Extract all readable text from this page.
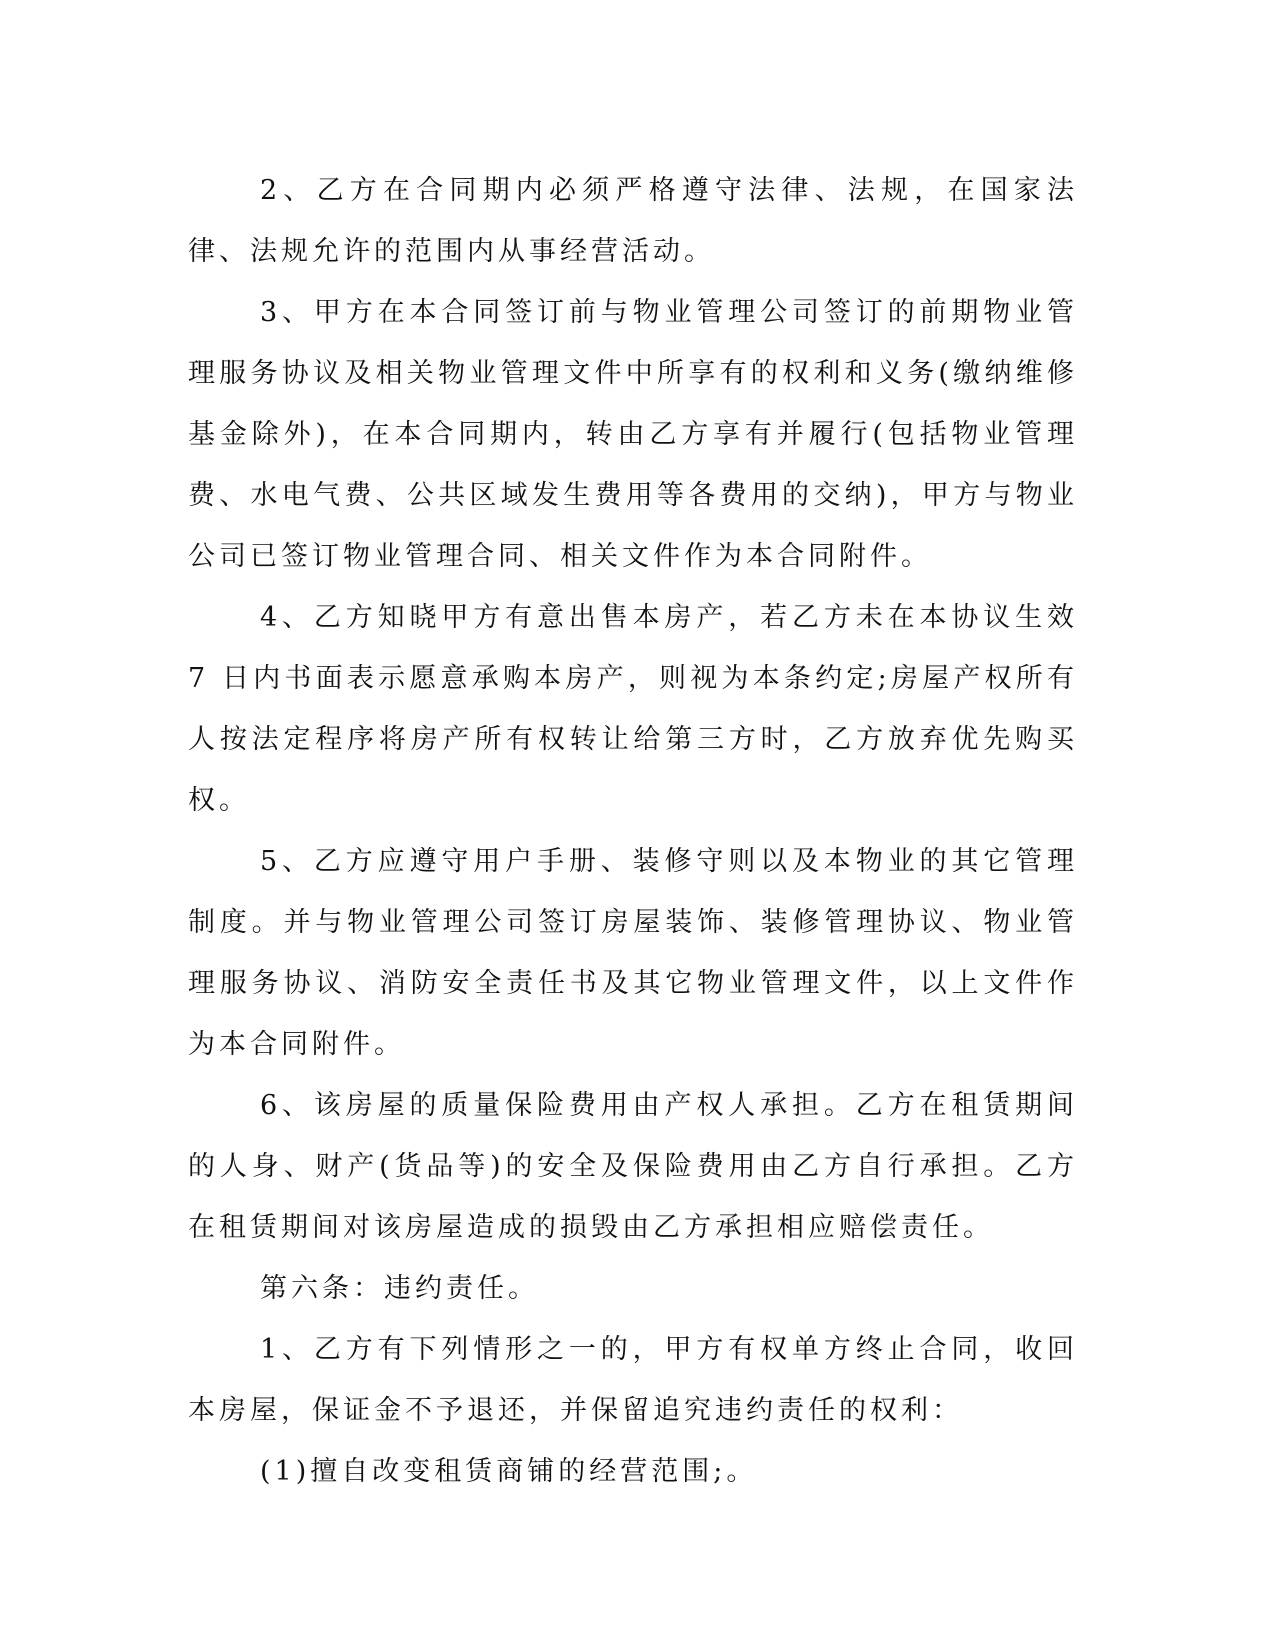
2、乙方在合同期内必须严格遵守法律、法规，在国家法律、法规允许的范围内从事经营活动。

3、甲方在本合同签订前与物业管理公司签订的前期物业管理服务协议及相关物业管理文件中所享有的权利和义务(缴纳维修基金除外)，在本合同期内，转由乙方享有并履行(包括物业管理费、水电气费、公共区域发生费用等各费用的交纳)，甲方与物业公司已签订物业管理合同、相关文件作为本合同附件。

4、乙方知晓甲方有意出售本房产，若乙方未在本协议生效 7 日内书面表示愿意承购本房产，则视为本条约定;房屋产权所有人按法定程序将房产所有权转让给第三方时，乙方放弃优先购买权。

5、乙方应遵守用户手册、装修守则以及本物业的其它管理制度。并与物业管理公司签订房屋装饰、装修管理协议、物业管理服务协议、消防安全责任书及其它物业管理文件，以上文件作为本合同附件。

6、该房屋的质量保险费用由产权人承担。乙方在租赁期间的人身、财产(货品等)的安全及保险费用由乙方自行承担。乙方在租赁期间对该房屋造成的损毁由乙方承担相应赔偿责任。

第六条：违约责任。

1、乙方有下列情形之一的，甲方有权单方终止合同，收回本房屋，保证金不予退还，并保留追究违约责任的权利：

(1)擅自改变租赁商铺的经营范围;。
